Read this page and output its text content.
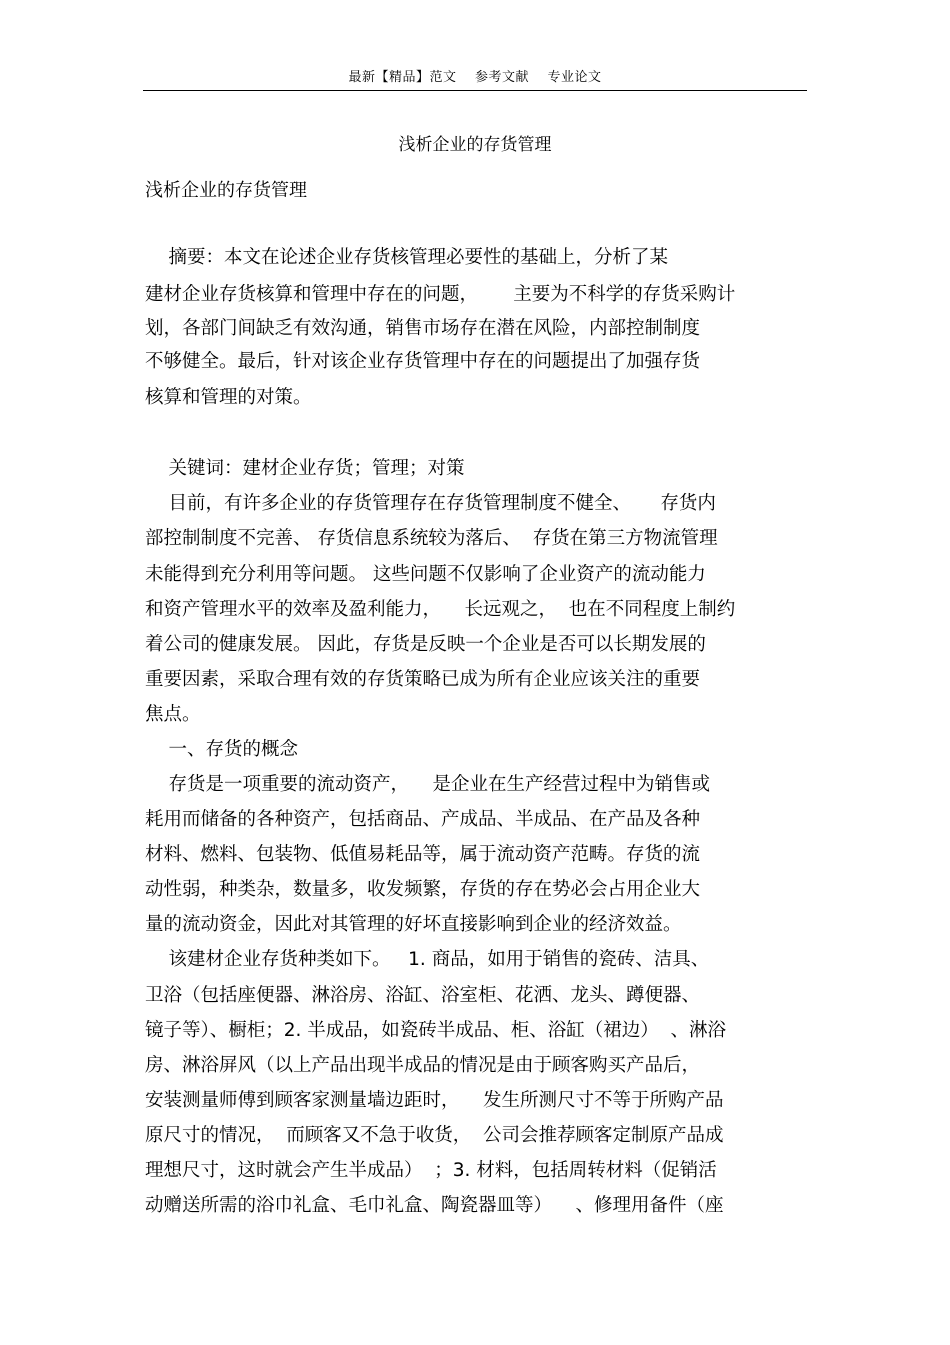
最新【精品】范文    参考文献    专业论文
浅析企业的存货管理
浅析企业的存货管理
摘要：本文在论述企业存货核管理必要性的基础上，分析了某
建材企业存货核算和管理中存在的问题，      主要为不科学的存货采购计
划，各部门间缺乏有效沟通，销售市场存在潜在风险，内部控制制度
不够健全。最后，针对该企业存货管理中存在的问题提出了加强存货
核算和管理的对策。
关键词：建材企业存货；管理；对策
目前，有许多企业的存货管理存在存货管理制度不健全、     存货内
部控制制度不完善、 存货信息系统较为落后、  存货在第三方物流管理
未能得到充分利用等问题。 这些问题不仅影响了企业资产的流动能力
和资产管理水平的效率及盈利能力，    长远观之，  也在不同程度上制约
着公司的健康发展。 因此，存货是反映一个企业是否可以长期发展的
重要因素，采取合理有效的存货策略已成为所有企业应该关注的重要
焦点。
一、存货的概念
存货是一项重要的流动资产，    是企业在生产经营过程中为销售或
耗用而储备的各种资产，包括商品、产成品、半成品、在产品及各种
材料、燃料、包装物、低值易耗品等，属于流动资产范畴。存货的流
动性弱，种类杂，数量多，收发频繁，存货的存在势必会占用企业大
量的流动资金，因此对其管理的好坏直接影响到企业的经济效益。
该建材企业存货种类如下。   1. 商品，如用于销售的瓷砖、洁具、
卫浴（包括座便器、淋浴房、浴缸、浴室柜、花洒、龙头、蹲便器、
镜子等）、橱柜；2. 半成品，如瓷砖半成品、柜、浴缸（裙边）  、淋浴
房、淋浴屏风（以上产品出现半成品的情况是由于顾客购买产品后，
安装测量师傅到顾客家测量墙边距时，    发生所测尺寸不等于所购产品
原尺寸的情况，  而顾客又不急于收货，  公司会推荐顾客定制原产品成
理想尺寸，这时就会产生半成品）  ；3. 材料，包括周转材料（促销活
动赠送所需的浴巾礼盒、毛巾礼盒、陶瓷器皿等）    、修理用备件（座
